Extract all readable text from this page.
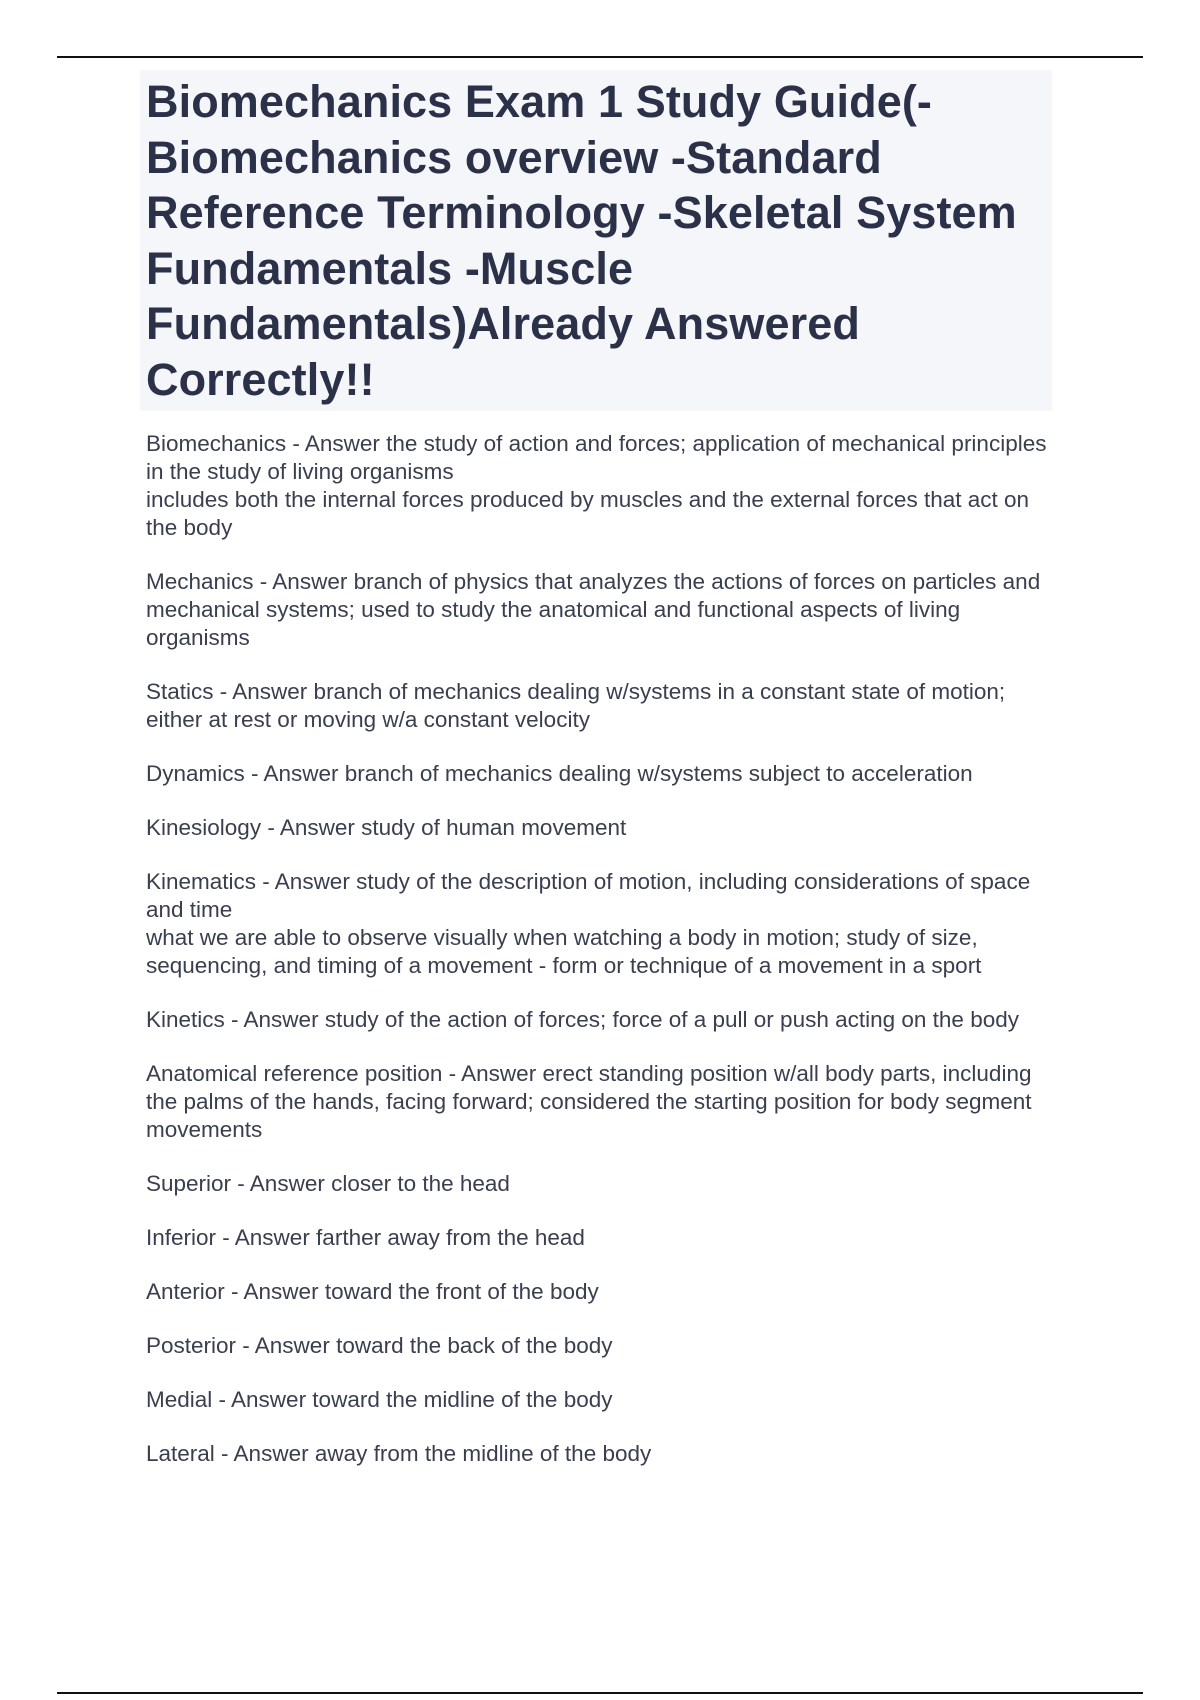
Biomechanics Exam 1 Study Guide(-Biomechanics overview -Standard Reference Terminology -Skeletal System Fundamentals -Muscle Fundamentals)Already Answered Correctly!!
Biomechanics - Answer the study of action and forces; application of mechanical principles in the study of living organisms
includes both the internal forces produced by muscles and the external forces that act on the body
Mechanics - Answer branch of physics that analyzes the actions of forces on particles and mechanical systems; used to study the anatomical and functional aspects of living organisms
Statics - Answer branch of mechanics dealing w/systems in a constant state of motion; either at rest or moving w/a constant velocity
Dynamics - Answer branch of mechanics dealing w/systems subject to acceleration
Kinesiology - Answer study of human movement
Kinematics - Answer study of the description of motion, including considerations of space and time
what we are able to observe visually when watching a body in motion; study of size, sequencing, and timing of a movement - form or technique of a movement in a sport
Kinetics - Answer study of the action of forces; force of a pull or push acting on the body
Anatomical reference position - Answer erect standing position w/all body parts, including the palms of the hands, facing forward; considered the starting position for body segment movements
Superior - Answer closer to the head
Inferior - Answer farther away from the head
Anterior - Answer toward the front of the body
Posterior - Answer toward the back of the body
Medial - Answer toward the midline of the body
Lateral - Answer away from the midline of the body
